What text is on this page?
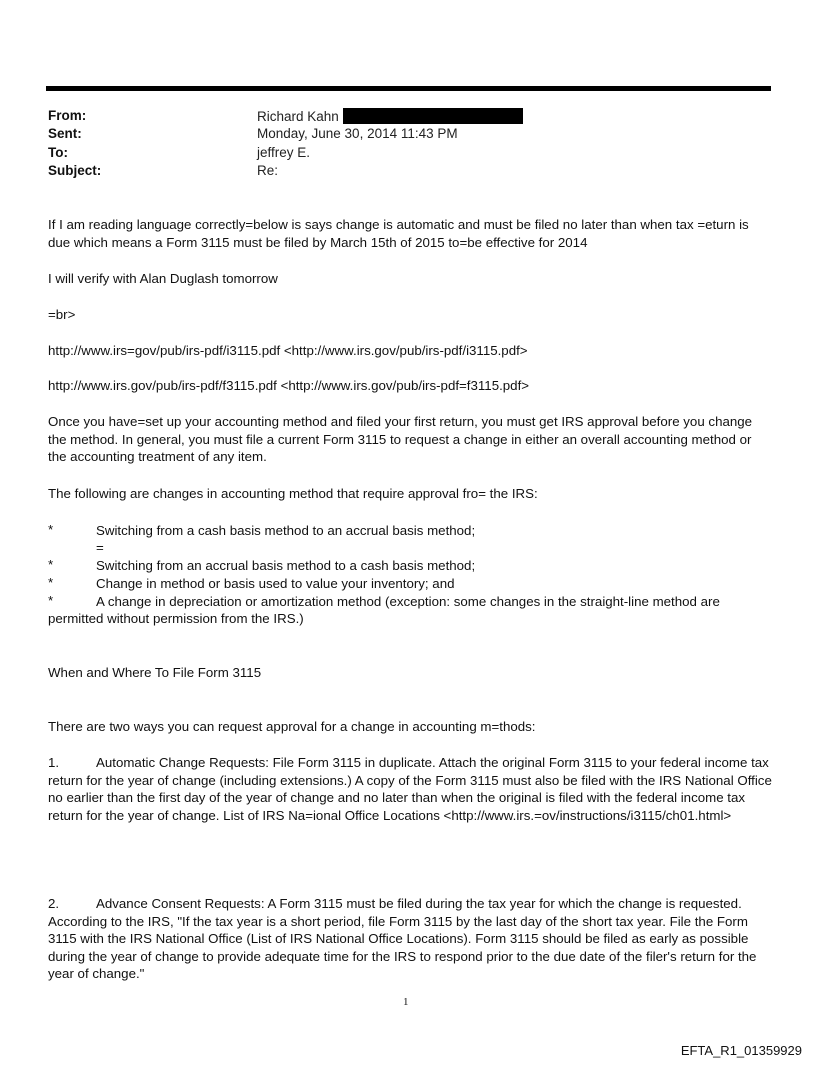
From:	Richard Kahn
Sent:	Monday, June 30, 2014 11:43 PM
To:	jeffrey E.
Subject:	Re:
If I am reading language correctly=below is says change is automatic and must be filed no later than when tax =eturn is due which means a Form 3115 must be filed by March 15th of 2015 to=be effective for 2014
I will verify with Alan Duglash tomorrow
=br>
http://www.irs=gov/pub/irs-pdf/i3115.pdf <http://www.irs.gov/pub/irs-pdf/i3115.pdf>
http://www.irs.gov/pub/irs-pdf/f3115.pdf <http://www.irs.gov/pub/irs-pdf=f3115.pdf>
Once you have=set up your accounting method and filed your first return, you must get IRS approval before you change the method. In general, you must file a current Form 3115 to request a change in either an overall accounting method or the accounting treatment of any item.
The following are changes in accounting method that require approval fro= the IRS:
*	Switching from a cash basis method to an accrual basis method;
=
*	Switching from an accrual basis method to a cash basis method;
*	Change in method or basis used to value your inventory; and
*	A change in depreciation or amortization method (exception: some changes in the straight-line method are
permitted without permission from the IRS.)
When and Where To File Form 3115
There are two ways you can request approval for a change in accounting m=thods:
1.	Automatic Change Requests: File Form 3115 in duplicate. Attach the original Form 3115 to your federal income tax return for the year of change (including extensions.) A copy of the Form 3115 must also be filed with the IRS National Office no earlier than the first day of the year of change and no later than when the original is filed with the federal income tax return for the year of change. List of IRS Na=ional Office Locations <http://www.irs.=ov/instructions/i3115/ch01.html>
2.	Advance Consent Requests: A Form 3115 must be filed during the tax year for which the change is requested. According to the IRS, "If the tax year is a short period, file Form 3115 by the last day of the short tax year. File the Form 3115 with the IRS National Office (List of IRS National Office Locations). Form 3115 should be filed as early as possible during the year of change to provide adequate time for the IRS to respond prior to the due date of the filer's return for the year of change."
1
EFTA_R1_01359929
